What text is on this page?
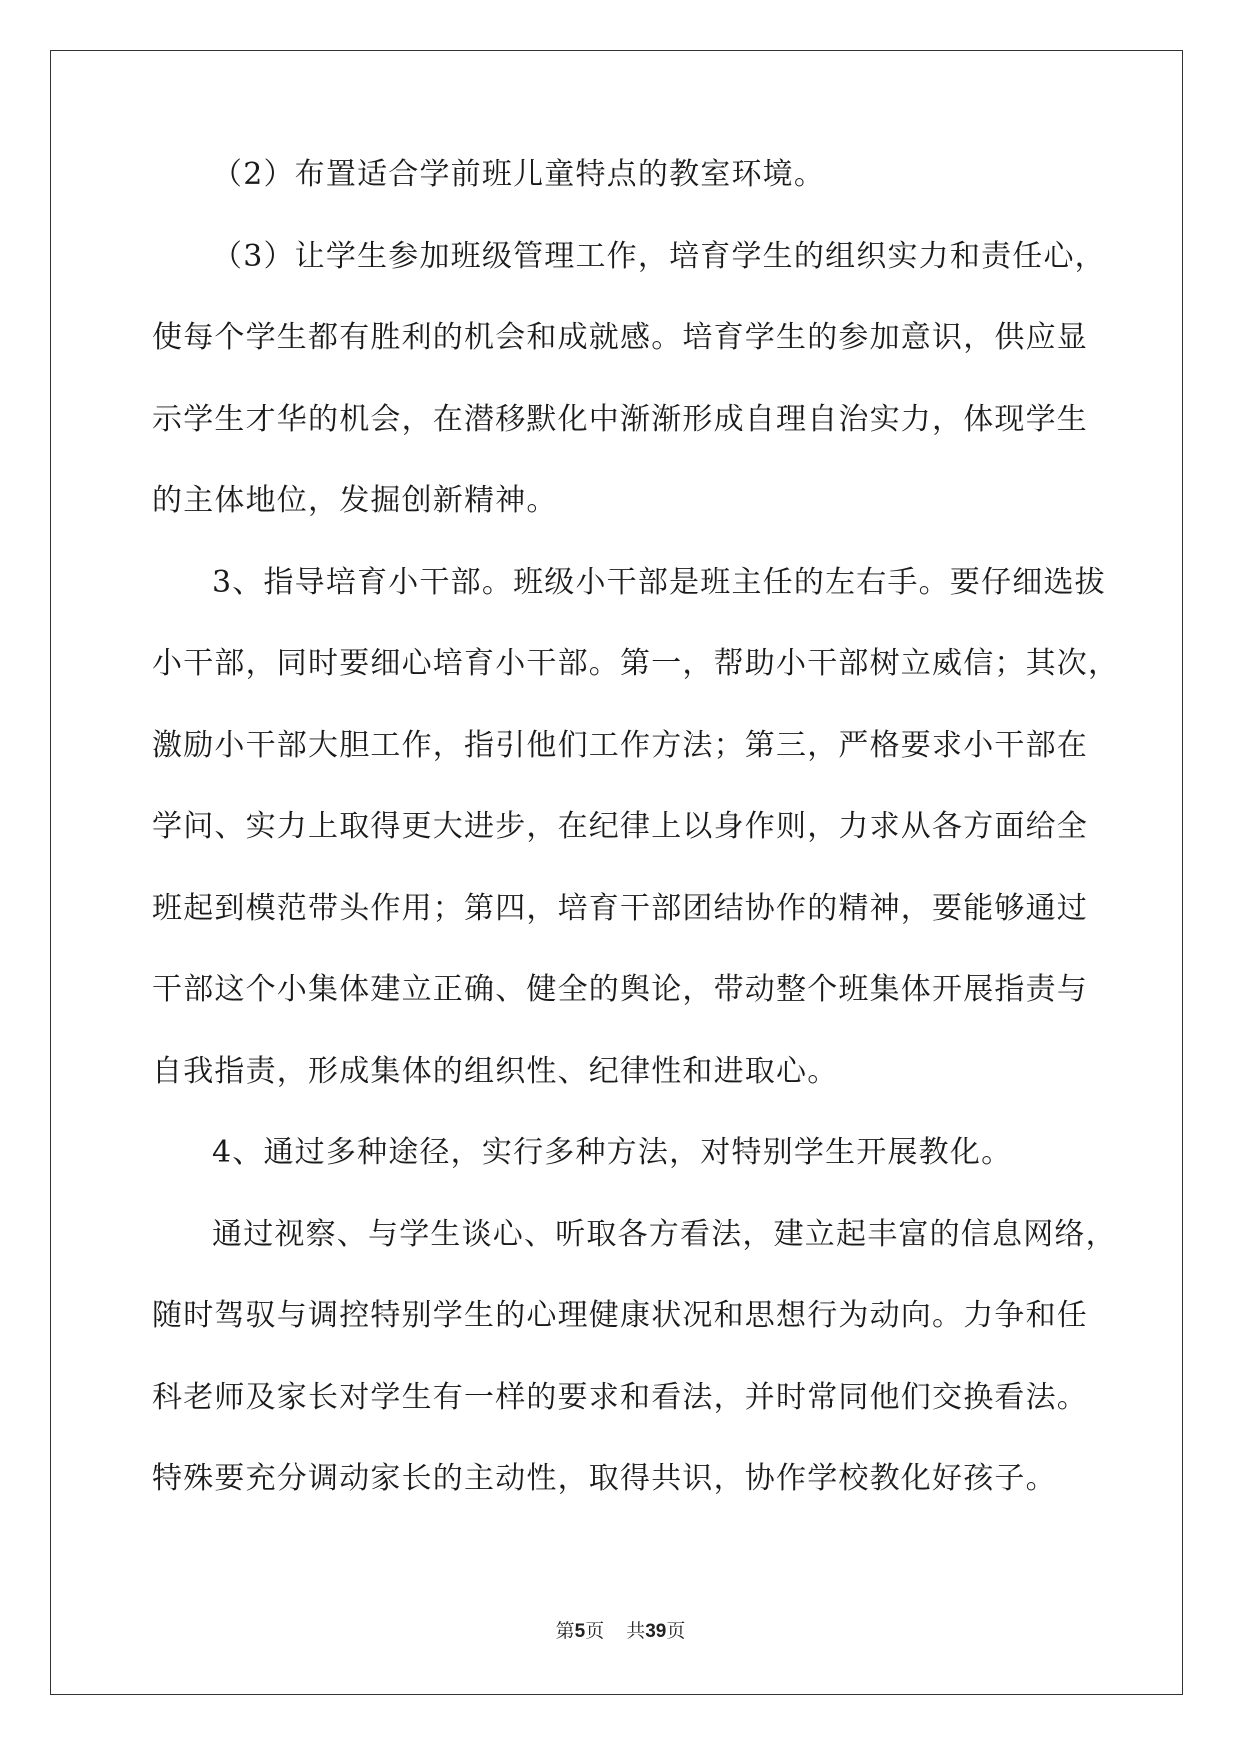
（2）布置适合学前班儿童特点的教室环境。
（3）让学生参加班级管理工作，培育学生的组织实力和责任心，
使每个学生都有胜利的机会和成就感。培育学生的参加意识，供应显
示学生才华的机会，在潜移默化中渐渐形成自理自治实力，体现学生
的主体地位，发掘创新精神。
3、指导培育小干部。班级小干部是班主任的左右手。要仔细选拔
小干部，同时要细心培育小干部。第一，帮助小干部树立威信；其次，
激励小干部大胆工作，指引他们工作方法；第三，严格要求小干部在
学问、实力上取得更大进步，在纪律上以身作则，力求从各方面给全
班起到模范带头作用；第四，培育干部团结协作的精神，要能够通过
干部这个小集体建立正确、健全的舆论，带动整个班集体开展指责与
自我指责，形成集体的组织性、纪律性和进取心。
4、通过多种途径，实行多种方法，对特别学生开展教化。
通过视察、与学生谈心、听取各方看法，建立起丰富的信息网络，
随时驾驭与调控特别学生的心理健康状况和思想行为动向。力争和任
科老师及家长对学生有一样的要求和看法，并时常同他们交换看法。
特殊要充分调动家长的主动性，取得共识，协作学校教化好孩子。
第5页 共39页
